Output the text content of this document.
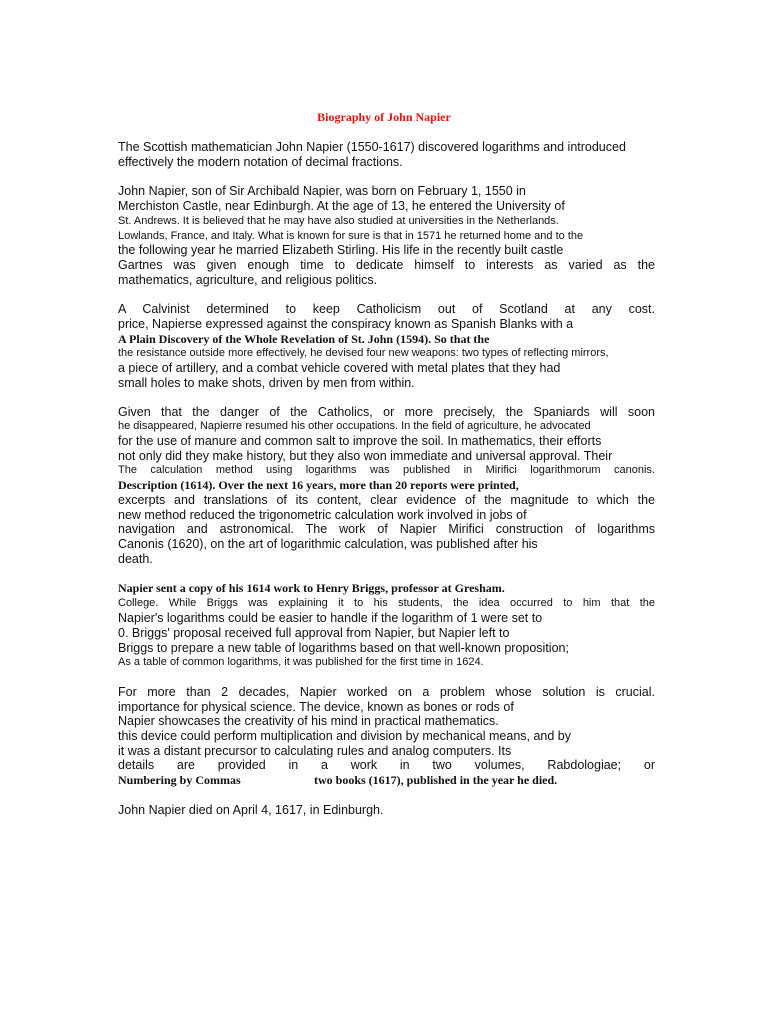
Biography of John Napier
The Scottish mathematician John Napier (1550-1617) discovered logarithms and introduced
effectively the modern notation of decimal fractions.
John Napier, son of Sir Archibald Napier, was born on February 1, 1550 in
Merchiston Castle, near Edinburgh. At the age of 13, he entered the University of
St. Andrews. It is believed that he may have also studied at universities in the Netherlands.
Lowlands, France, and Italy. What is known for sure is that in 1571 he returned home and to the
the following year he married Elizabeth Stirling. His life in the recently built castle
Gartnes was given enough time to dedicate himself to interests as varied as the
mathematics, agriculture, and religious politics.
A Calvinist determined to keep Catholicism out of Scotland at any cost.
price, Napierse expressed against the conspiracy known as Spanish Blanks with a
A Plain Discovery of the Whole Revelation of St. John (1594). So that the
the resistance outside more effectively, he devised four new weapons: two types of reflecting mirrors,
a piece of artillery, and a combat vehicle covered with metal plates that they had
small holes to make shots, driven by men from within.
Given that the danger of the Catholics, or more precisely, the Spaniards will soon
he disappeared, Napierre resumed his other occupations. In the field of agriculture, he advocated
for the use of manure and common salt to improve the soil. In mathematics, their efforts
not only did they make history, but they also won immediate and universal approval. Their
The calculation method using logarithms was published in Mirifici logarithmorum canonis.
Description (1614). Over the next 16 years, more than 20 reports were printed,
excerpts and translations of its content, clear evidence of the magnitude to which the
new method reduced the trigonometric calculation work involved in jobs of
navigation and astronomical. The work of Napier Mirifici construction of logarithms
Canonis (1620), on the art of logarithmic calculation, was published after his
death.
Napier sent a copy of his 1614 work to Henry Briggs, professor at Gresham.
College. While Briggs was explaining it to his students, the idea occurred to him that the
Napier's logarithms could be easier to handle if the logarithm of 1 were set to
0. Briggs' proposal received full approval from Napier, but Napier left to
Briggs to prepare a new table of logarithms based on that well-known proposition;
As a table of common logarithms, it was published for the first time in 1624.
For more than 2 decades, Napier worked on a problem whose solution is crucial.
importance for physical science. The device, known as bones or rods of
Napier showcases the creativity of his mind in practical mathematics.
this device could perform multiplication and division by mechanical means, and by
it was a distant precursor to calculating rules and analog computers. Its
details are provided in a work in two volumes, Rabdologiae; or
Numbering by Commas	two books (1617), published in the year he died.
John Napier died on April 4, 1617, in Edinburgh.
